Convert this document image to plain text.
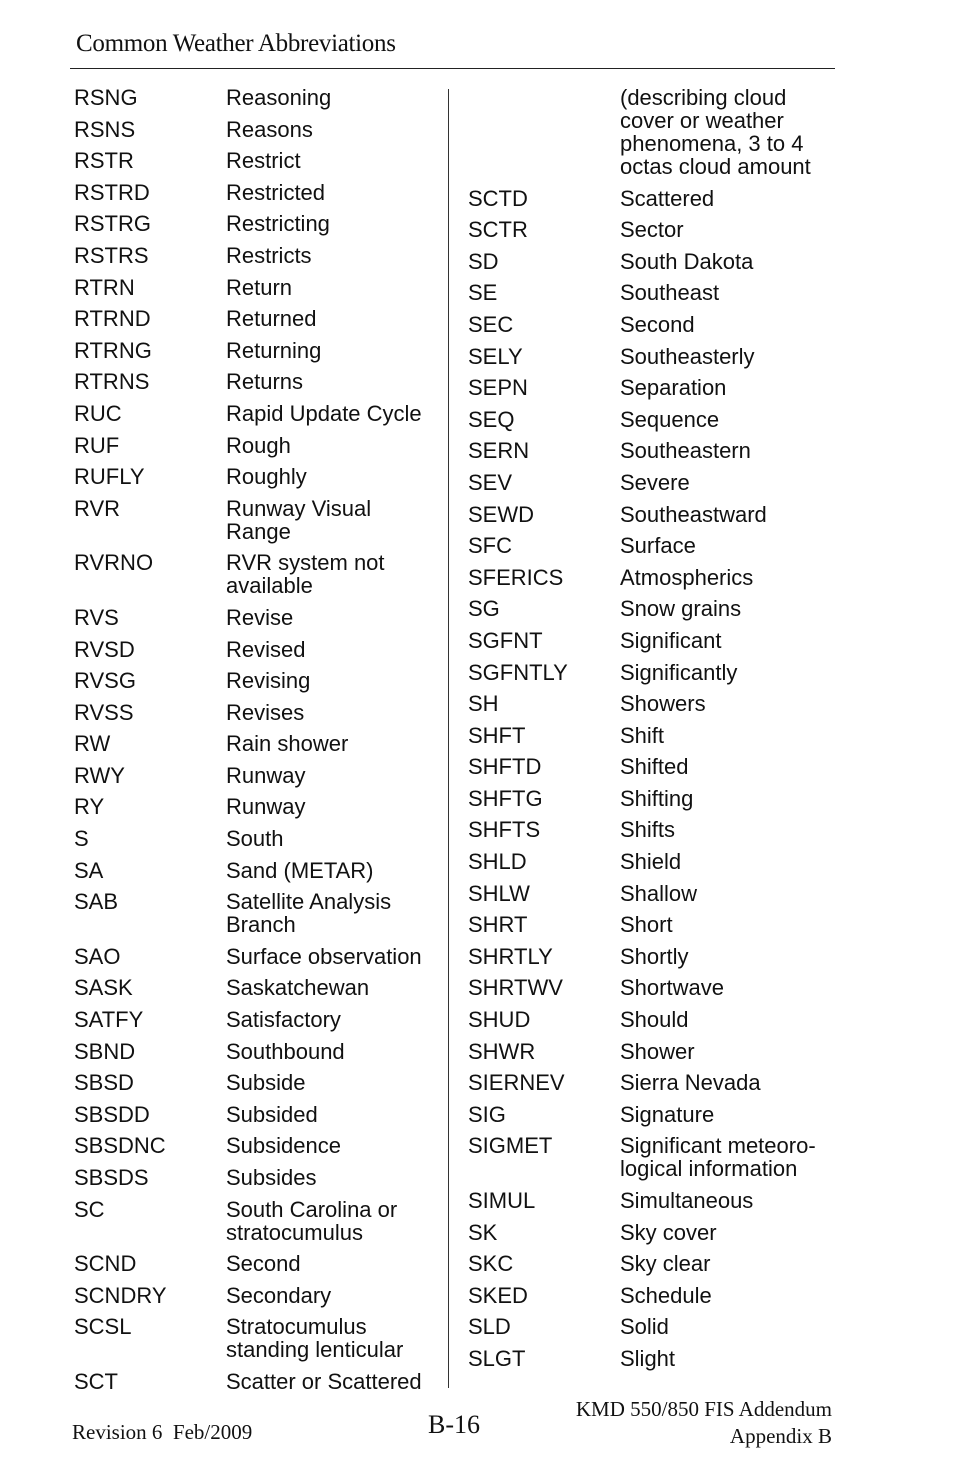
Common Weather Abbreviations
RSNG	Reasoning
RSNS	Reasons
RSTR	Restrict
RSTRD	Restricted
RSTRG	Restricting
RSTRS	Restricts
RTRN	Return
RTRND	Returned
RTRNG	Returning
RTRNS	Returns
RUC	Rapid Update Cycle
RUF	Rough
RUFLY	Roughly
RVR	Runway Visual
Range
RVRNO	RVR system not
available
RVS	Revise
RVSD	Revised
RVSG	Revising
RVSS	Revises
RW	Rain shower
RWY	Runway
RY	Runway
S	South
SA	Sand (METAR)
SAB	Satellite Analysis
Branch
SAO	Surface observation
SASK	Saskatchewan
SATFY	Satisfactory
SBND	Southbound
SBSD	Subside
SBSDD	Subsided
SBSDNC	Subsidence
SBSDS	Subsides
SC	South Carolina or
stratocumulus
SCND	Second
SCNDRY	Secondary
SCSL	Stratocumulus
standing lenticular
SCT	Scatter or Scattered
(describing cloud
cover or weather
phenomena, 3 to 4
octas cloud amount
SCTD	Scattered
SCTR	Sector
SD	South Dakota
SE	Southeast
SEC	Second
SELY	Southeasterly
SEPN	Separation
SEQ	Sequence
SERN	Southeastern
SEV	Severe
SEWD	Southeastward
SFC	Surface
SFERICS	Atmospherics
SG	Snow grains
SGFNT	Significant
SGFNTLY	Significantly
SH	Showers
SHFT	Shift
SHFTD	Shifted
SHFTG	Shifting
SHFTS	Shifts
SHLD	Shield
SHLW	Shallow
SHRT	Short
SHRTLY	Shortly
SHRTWV	Shortwave
SHUD	Should
SHWR	Shower
SIERNEV	Sierra Nevada
SIG	Signature
SIGMET	Significant meteoro-
logical information
SIMUL	Simultaneous
SK	Sky cover
SKC	Sky clear
SKED	Schedule
SLD	Solid
SLGT	Slight
Revision 6  Feb/2009	B-16
KMD 550/850 FIS Addendum
Appendix B
